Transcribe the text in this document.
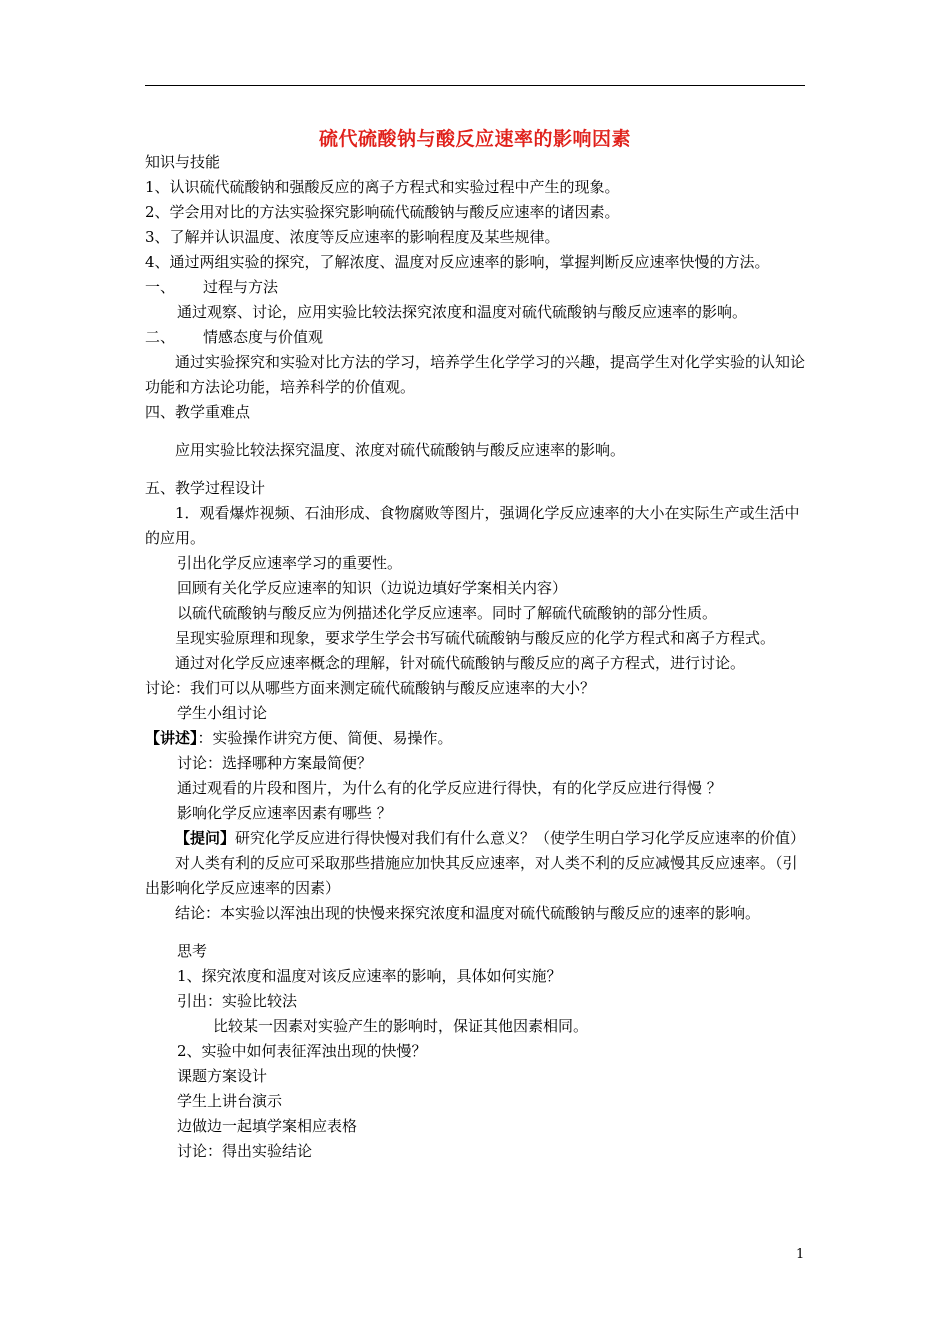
硫代硫酸钠与酸反应速率的影响因素

知识与技能

1、认识硫代硫酸钠和强酸反应的离子方程式和实验过程中产生的现象。

2、学会用对比的方法实验探究影响硫代硫酸钠与酸反应速率的诸因素。

3、了解并认识温度、浓度等反应速率的影响程度及某些规律。

4、通过两组实验的探究，了解浓度、温度对反应速率的影响，掌握判断反应速率快慢的方法。

一、 过程与方法

通过观察、讨论，应用实验比较法探究浓度和温度对硫代硫酸钠与酸反应速率的影响。

二、 情感态度与价值观

通过实验探究和实验对比方法的学习，培养学生化学学习的兴趣，提高学生对化学实验的认知论功能和方法论功能，培养科学的价值观。

四、教学重难点

应用实验比较法探究温度、浓度对硫代硫酸钠与酸反应速率的影响。

五、教学过程设计

1．观看爆炸视频、石油形成、食物腐败等图片，强调化学反应速率的大小在实际生产或生活中的应用。

引出化学反应速率学习的重要性。

回顾有关化学反应速率的知识（边说边填好学案相关内容）

以硫代硫酸钠与酸反应为例描述化学反应速率。同时了解硫代硫酸钠的部分性质。

呈现实验原理和现象，要求学生学会书写硫代硫酸钠与酸反应的化学方程式和离子方程式。

通过对化学反应速率概念的理解，针对硫代硫酸钠与酸反应的离子方程式，进行讨论。

讨论：我们可以从哪些方面来测定硫代硫酸钠与酸反应速率的大小？

学生小组讨论

【讲述】：实验操作讲究方便、简便、易操作。

讨论：选择哪种方案最简便？

通过观看的片段和图片，为什么有的化学反应进行得快，有的化学反应进行得慢 ？

影响化学反应速率因素有哪些 ？

【提问】研究化学反应进行得快慢对我们有什么意义？（使学生明白学习化学反应速率的价值）

对人类有利的反应可采取那些措施应加快其反应速率，对人类不利的反应减慢其反应速率。（引出影响化学反应速率的因素）

结论：本实验以浑浊出现的快慢来探究浓度和温度对硫代硫酸钠与酸反应的速率的影响。

思考

1、探究浓度和温度对该反应速率的影响，具体如何实施？

引出：实验比较法

比较某一因素对实验产生的影响时，保证其他因素相同。

2、实验中如何表征浑浊出现的快慢？

课题方案设计

学生上讲台演示

边做边一起填学案相应表格

讨论：得出实验结论

1
